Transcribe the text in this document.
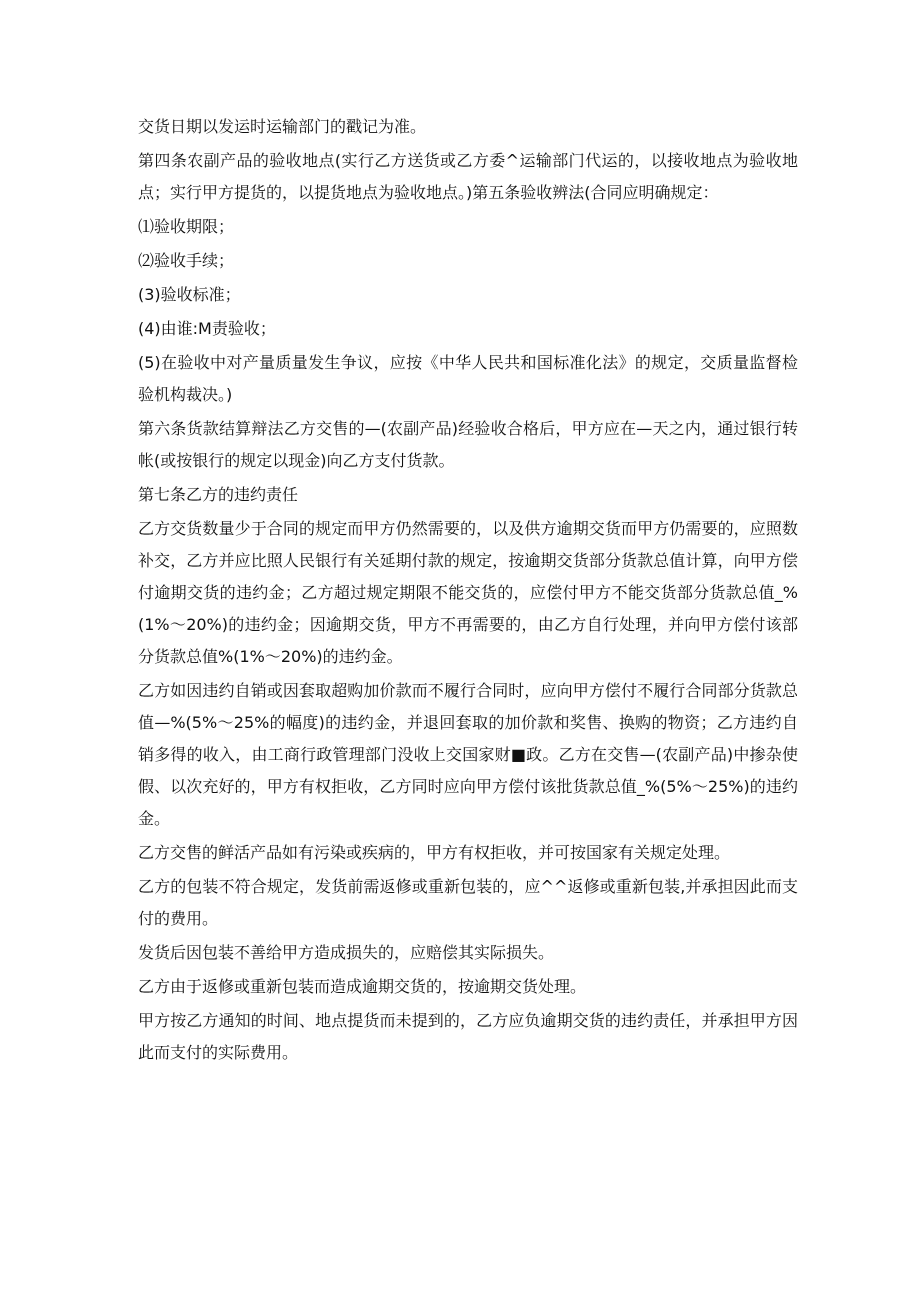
交货日期以发运时运输部门的戳记为准。

第四条农副产品的验收地点(实行乙方送货或乙方委^运输部门代运的，以接收地点为验收地点；实行甲方提货的，以提货地点为验收地点。)第五条验收辨法(合同应明确规定：

⑴验收期限；

⑵验收手续；

(3)验收标准；

(4)由谁:M责验收；

(5)在验收中对产量质量发生争议，应按《中华人民共和国标准化法》的规定，交质量监督检验机构裁决。)

第六条货款结算辩法乙方交售的—(农副产品)经验收合格后，甲方应在—天之内，通过银行转帐(或按银行的规定以现金)向乙方支付货款。

第七条乙方的违约责任

乙方交货数量少于合同的规定而甲方仍然需要的，以及供方逾期交货而甲方仍需要的，应照数补交，乙方并应比照人民银行有关延期付款的规定，按逾期交货部分货款总值计算，向甲方偿付逾期交货的违约金；乙方超过规定期限不能交货的，应偿付甲方不能交货部分货款总值_%(1%～20%)的违约金；因逾期交货，甲方不再需要的，由乙方自行处理，并向甲方偿付该部分货款总值%(1%～20%)的违约金。

乙方如因违约自销或因套取超购加价款而不履行合同时，应向甲方偿付不履行合同部分货款总值—%(5%～25%的幅度)的违约金，并退回套取的加价款和奖售、换购的物资；乙方违约自销多得的收入，由工商行政管理部门没收上交国家财■政。乙方在交售—(农副产品)中掺杂使假、以次充好的，甲方有权拒收，乙方同时应向甲方偿付该批货款总值_%(5%～25%)的违约金。

乙方交售的鲜活产品如有污染或疾病的，甲方有权拒收，并可按国家有关规定处理。

乙方的包装不符合规定，发货前需返修或重新包装的，应^^返修或重新包装,并承担因此而支付的费用。

发货后因包装不善给甲方造成损失的，应赔偿其实际损失。

乙方由于返修或重新包装而造成逾期交货的，按逾期交货处理。

甲方按乙方通知的时间、地点提货而未提到的，乙方应负逾期交货的违约责任，并承担甲方因此而支付的实际费用。
